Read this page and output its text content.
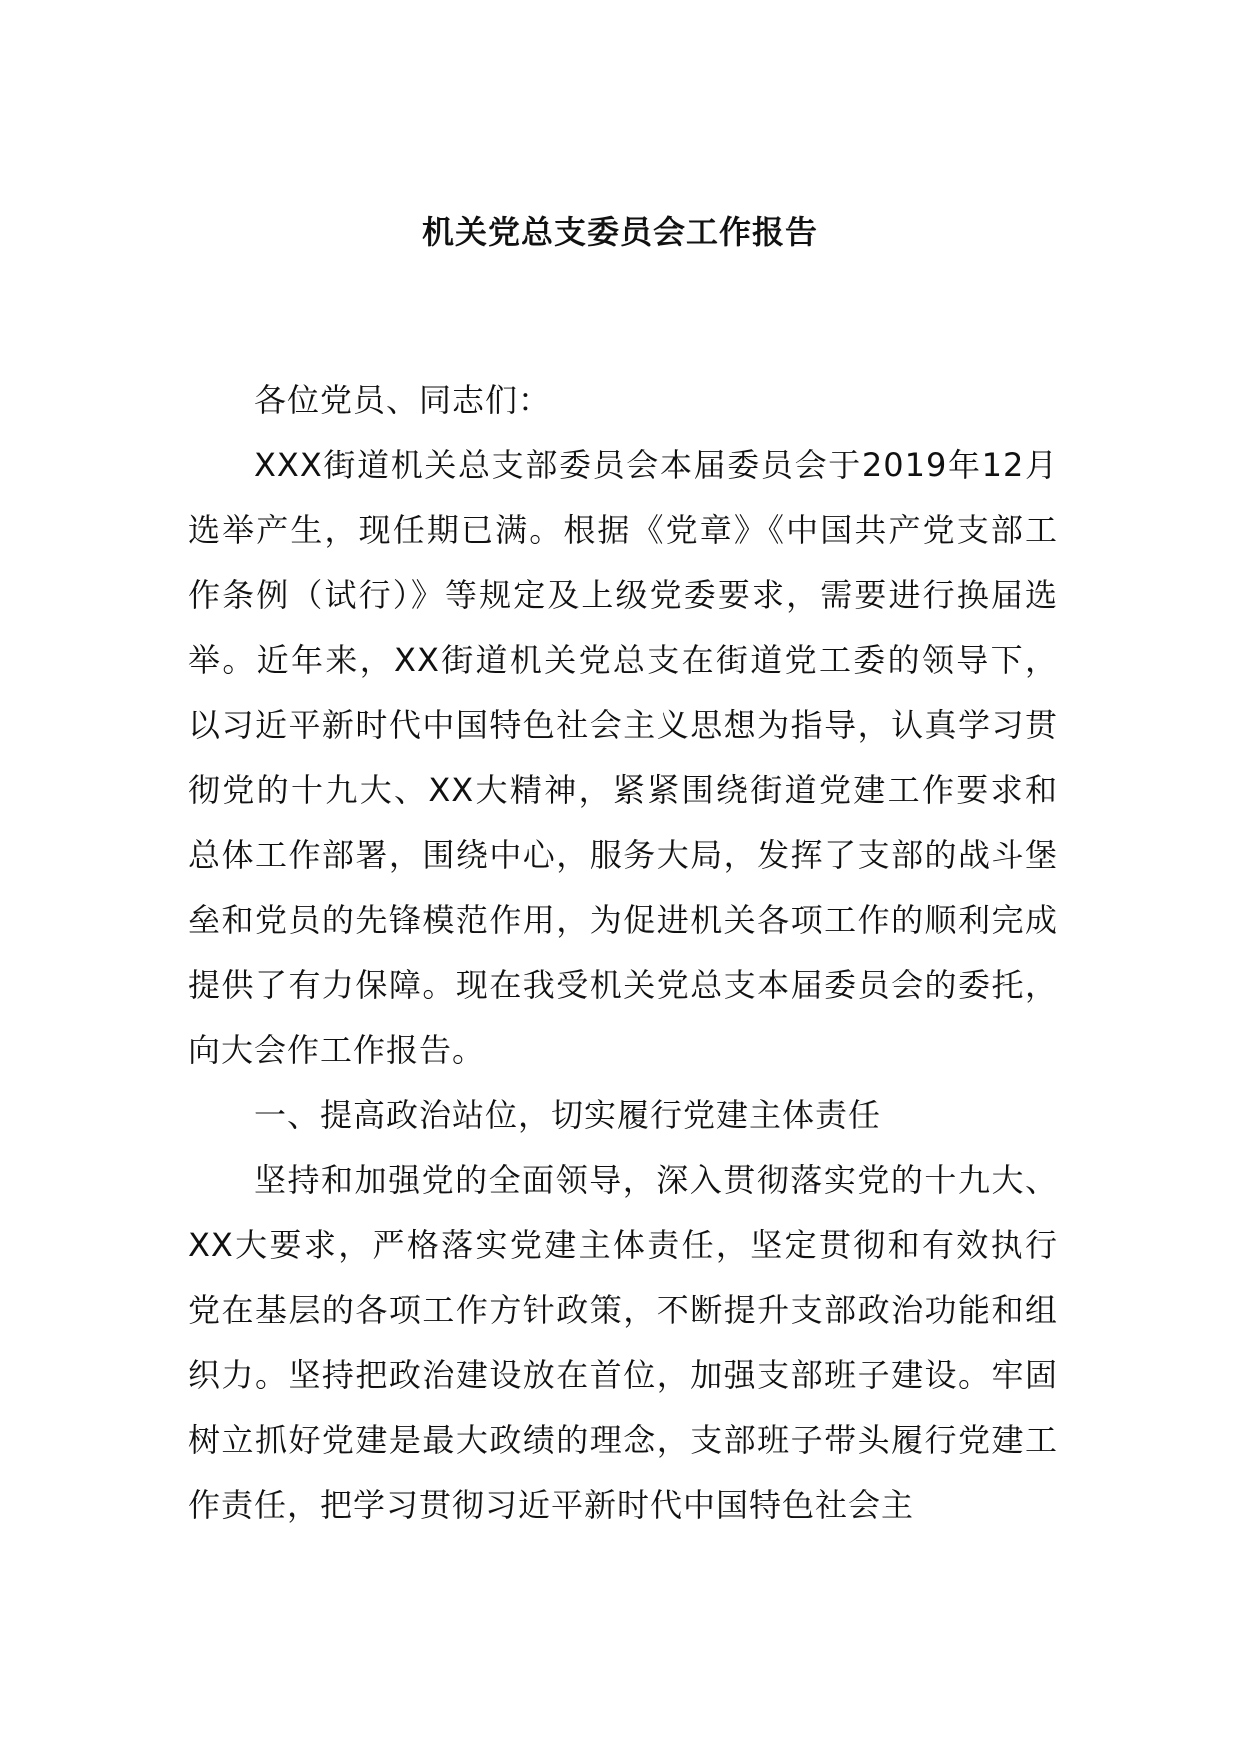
机关党总支委员会工作报告

各位党员、同志们：

XXX街道机关总支部委员会本届委员会于2019年12月选举产生，现任期已满。根据《党章》《中国共产党支部工作条例（试行）》等规定及上级党委要求，需要进行换届选举。近年来，XX街道机关党总支在街道党工委的领导下，以习近平新时代中国特色社会主义思想为指导，认真学习贯彻党的十九大、XX大精神，紧紧围绕街道党建工作要求和总体工作部署，围绕中心，服务大局，发挥了支部的战斗堡垒和党员的先锋模范作用，为促进机关各项工作的顺利完成提供了有力保障。现在我受机关党总支本届委员会的委托，向大会作工作报告。

一、提高政治站位，切实履行党建主体责任

坚持和加强党的全面领导，深入贯彻落实党的十九大、XX大要求，严格落实党建主体责任，坚定贯彻和有效执行党在基层的各项工作方针政策，不断提升支部政治功能和组织力。坚持把政治建设放在首位，加强支部班子建设。牢固树立抓好党建是最大政绩的理念，支部班子带头履行党建工作责任，把学习贯彻习近平新时代中国特色社会主
